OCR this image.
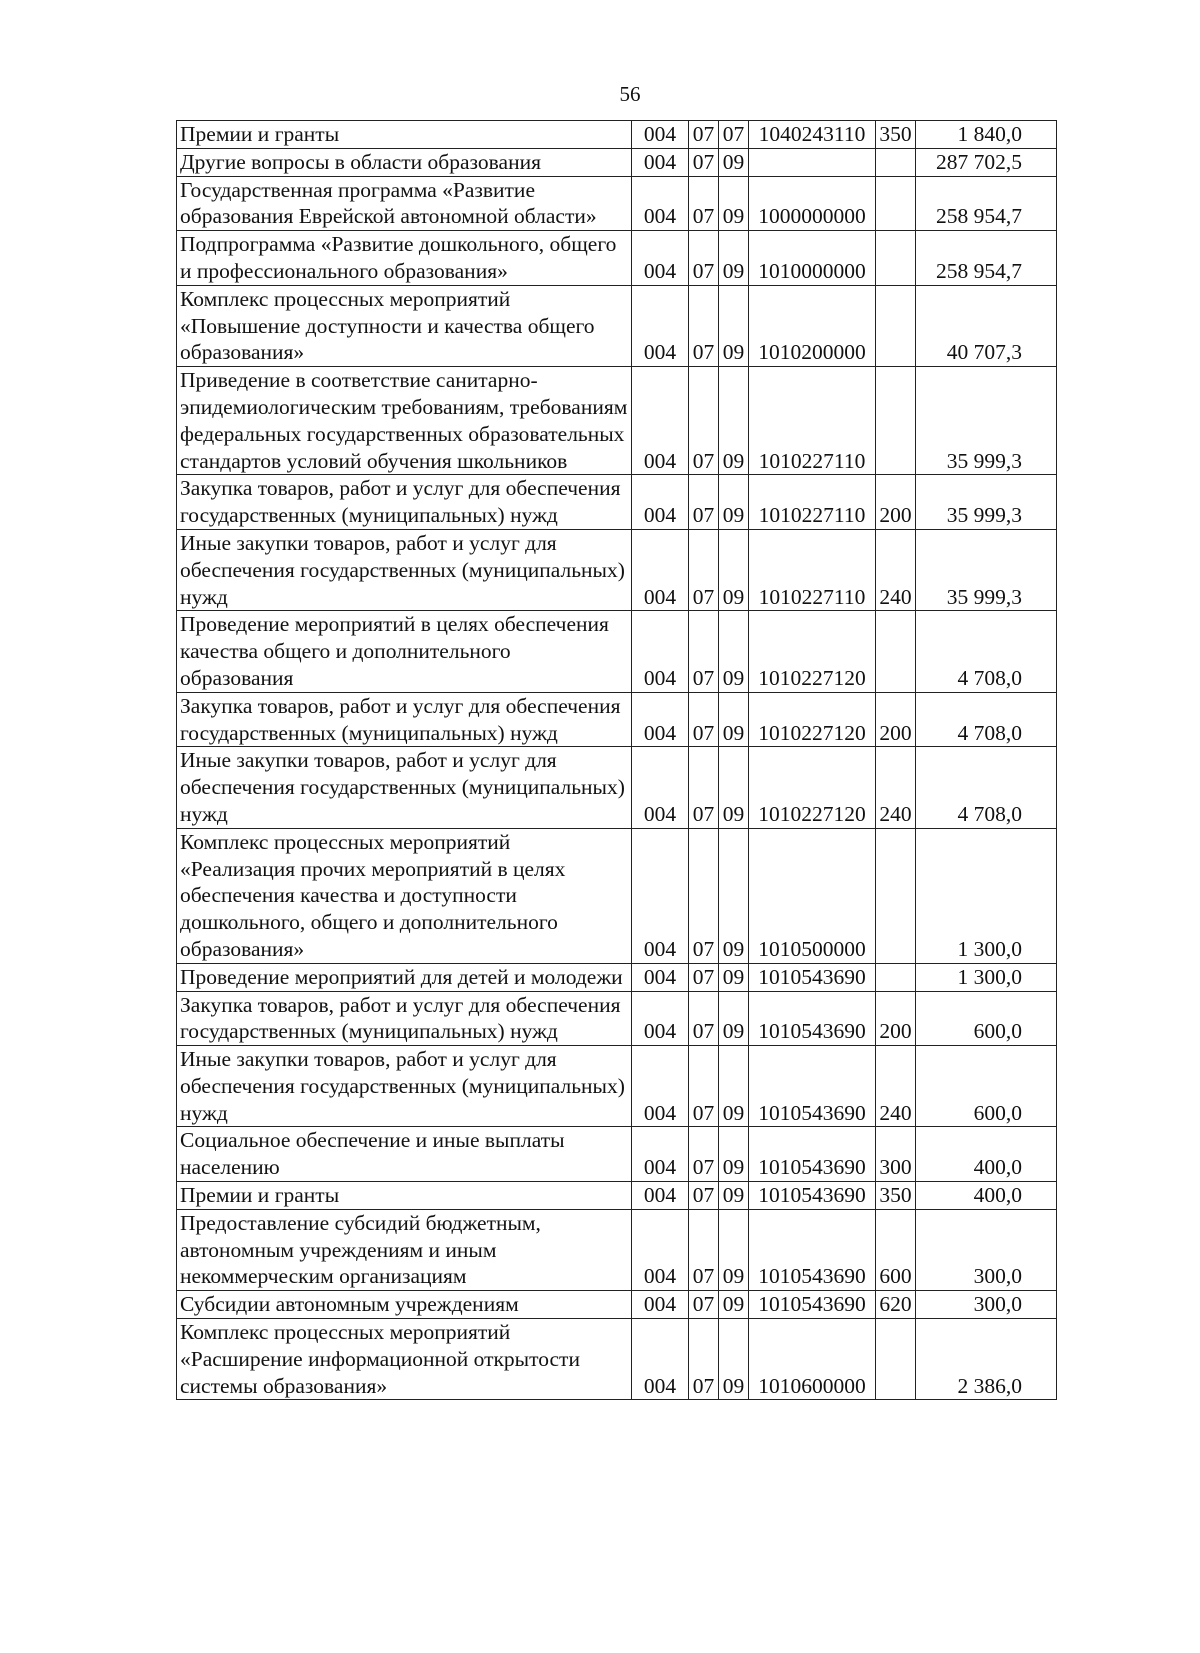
56
Премии и гранты	004	07	07	1040243110	350	1 840,0
Другие вопросы в области образования	004	07	09			287 702,5
Государственная программа «Развитие образования Еврейской автономной области»	004	07	09	1000000000		258 954,7
Подпрограмма «Развитие дошкольного, общего и профессионального образования»	004	07	09	1010000000		258 954,7
Комплекс процессных мероприятий «Повышение доступности и качества общего образования»	004	07	09	1010200000		40 707,3
Приведение в соответствие санитарно-эпидемиологическим требованиям, требованиям федеральных государственных образовательных стандартов условий обучения школьников	004	07	09	1010227110		35 999,3
Закупка товаров, работ и услуг для обеспечения государственных (муниципальных) нужд	004	07	09	1010227110	200	35 999,3
Иные закупки товаров, работ и услуг для обеспечения государственных (муниципальных) нужд	004	07	09	1010227110	240	35 999,3
Проведение мероприятий в целях обеспечения качества общего и дополнительного образования	004	07	09	1010227120		4 708,0
Закупка товаров, работ и услуг для обеспечения государственных (муниципальных) нужд	004	07	09	1010227120	200	4 708,0
Иные закупки товаров, работ и услуг для обеспечения государственных (муниципальных) нужд	004	07	09	1010227120	240	4 708,0
Комплекс процессных мероприятий «Реализация прочих мероприятий в целях обеспечения качества и доступности дошкольного, общего и дополнительного образования»	004	07	09	1010500000		1 300,0
Проведение мероприятий для детей и молодежи	004	07	09	1010543690		1 300,0
Закупка товаров, работ и услуг для обеспечения государственных (муниципальных) нужд	004	07	09	1010543690	200	600,0
Иные закупки товаров, работ и услуг для обеспечения государственных (муниципальных) нужд	004	07	09	1010543690	240	600,0
Социальное обеспечение и иные выплаты населению	004	07	09	1010543690	300	400,0
Премии и гранты	004	07	09	1010543690	350	400,0
Предоставление субсидий бюджетным, автономным учреждениям и иным некоммерческим организациям	004	07	09	1010543690	600	300,0
Субсидии автономным учреждениям	004	07	09	1010543690	620	300,0
Комплекс процессных мероприятий «Расширение информационной открытости системы образования»	004	07	09	1010600000		2 386,0
